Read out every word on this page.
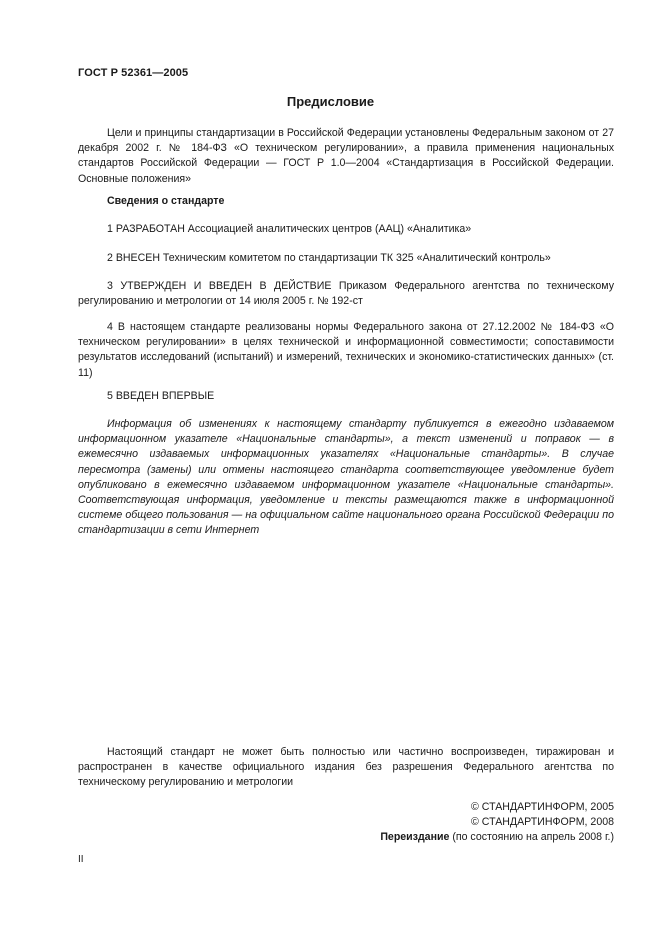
ГОСТ Р 52361—2005
Предисловие
Цели и принципы стандартизации в Российской Федерации установлены Федеральным законом от 27 декабря 2002 г. № 184-ФЗ «О техническом регулировании», а правила применения национальных стандартов Российской Федерации — ГОСТ Р 1.0—2004 «Стандартизация в Российской Федерации. Основные положения»
Сведения о стандарте
1 РАЗРАБОТАН Ассоциацией аналитических центров (ААЦ) «Аналитика»
2 ВНЕСЕН Техническим комитетом по стандартизации ТК 325 «Аналитический контроль»
3 УТВЕРЖДЕН И ВВЕДЕН В ДЕЙСТВИЕ Приказом Федерального агентства по техническому регулированию и метрологии от 14 июля 2005 г. № 192-ст
4 В настоящем стандарте реализованы нормы Федерального закона от 27.12.2002 № 184-ФЗ «О техническом регулировании» в целях технической и информационной совместимости; сопоставимости результатов исследований (испытаний) и измерений, технических и экономико-статистических данных» (ст. 11)
5 ВВЕДЕН ВПЕРВЫЕ
Информация об изменениях к настоящему стандарту публикуется в ежегодно издаваемом информационном указателе «Национальные стандарты», а текст изменений и поправок — в ежемесячно издаваемых информационных указателях «Национальные стандарты». В случае пересмотра (замены) или отмены настоящего стандарта соответствующее уведомление будет опубликовано в ежемесячно издаваемом информационном указателе «Национальные стандарты». Соответствующая информация, уведомление и тексты размещаются также в информационной системе общего пользования — на официальном сайте национального органа Российской Федерации по стандартизации в сети Интернет
Настоящий стандарт не может быть полностью или частично воспроизведен, тиражирован и распространен в качестве официального издания без разрешения Федерального агентства по техническому регулированию и метрологии
© СТАНДАРТИНФОРМ, 2005
© СТАНДАРТИНФОРМ, 2008
Переиздание (по состоянию на апрель 2008 г.)
II
